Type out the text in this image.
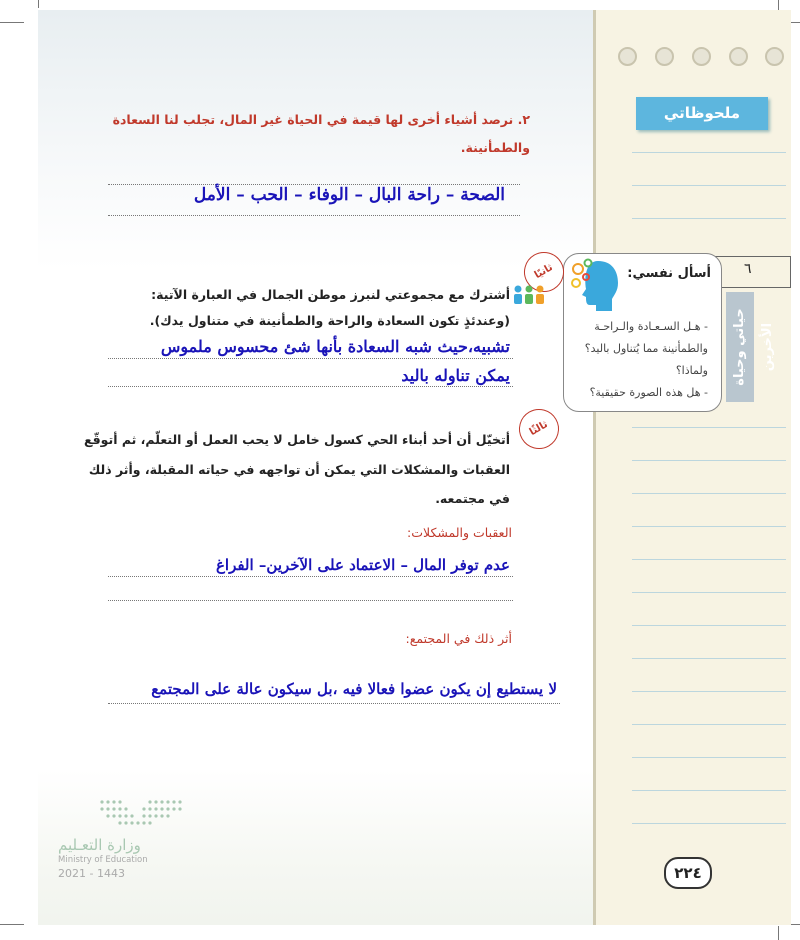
ملحوظاتي
٦
حياتي وحياة الأخرين
أسأل نفسي:
- هـل السـعـادة والـراحـة
والطمأنينة مما يُتناول باليد؟
ولماذا؟
- هل هذه الصورة حقيقية؟
٢. نرصد أشياء أخرى لها قيمة في الحياة غير المال، تجلب لنا السعادة
والطمأنينة.
الصحة – راحة البال – الوفاء – الحب – الأمل
ثانيًا
أشترك مع مجموعتي لنبرز موطن الجمال في العبارة الآتية:
(وعندئذٍ تكون السعادة والراحة والطمأنينة في متناول يدك).
تشبيه،حيث شبه السعادة بأنها شئ محسوس ملموس
يمكن تناوله باليد
ثالثًا
أتخيّل أن أحد أبناء الحي كسول خامل لا يحب العمل أو التعلّم، ثم أتوقّع
العقبات والمشكلات التي يمكن أن تواجهه في حياته المقبلة، وأثر ذلك
في مجتمعه.
العقبات والمشكلات:
عدم توفر المال – الاعتماد على الآخرين– الفراغ
أثر ذلك في المجتمع:
لا يستطيع إن يكون عضوا فعالا فيه ،بل سيكون عالة على المجتمع
وزارة التعـليم
Ministry of Education
2021 - 1443	٢٢٤
